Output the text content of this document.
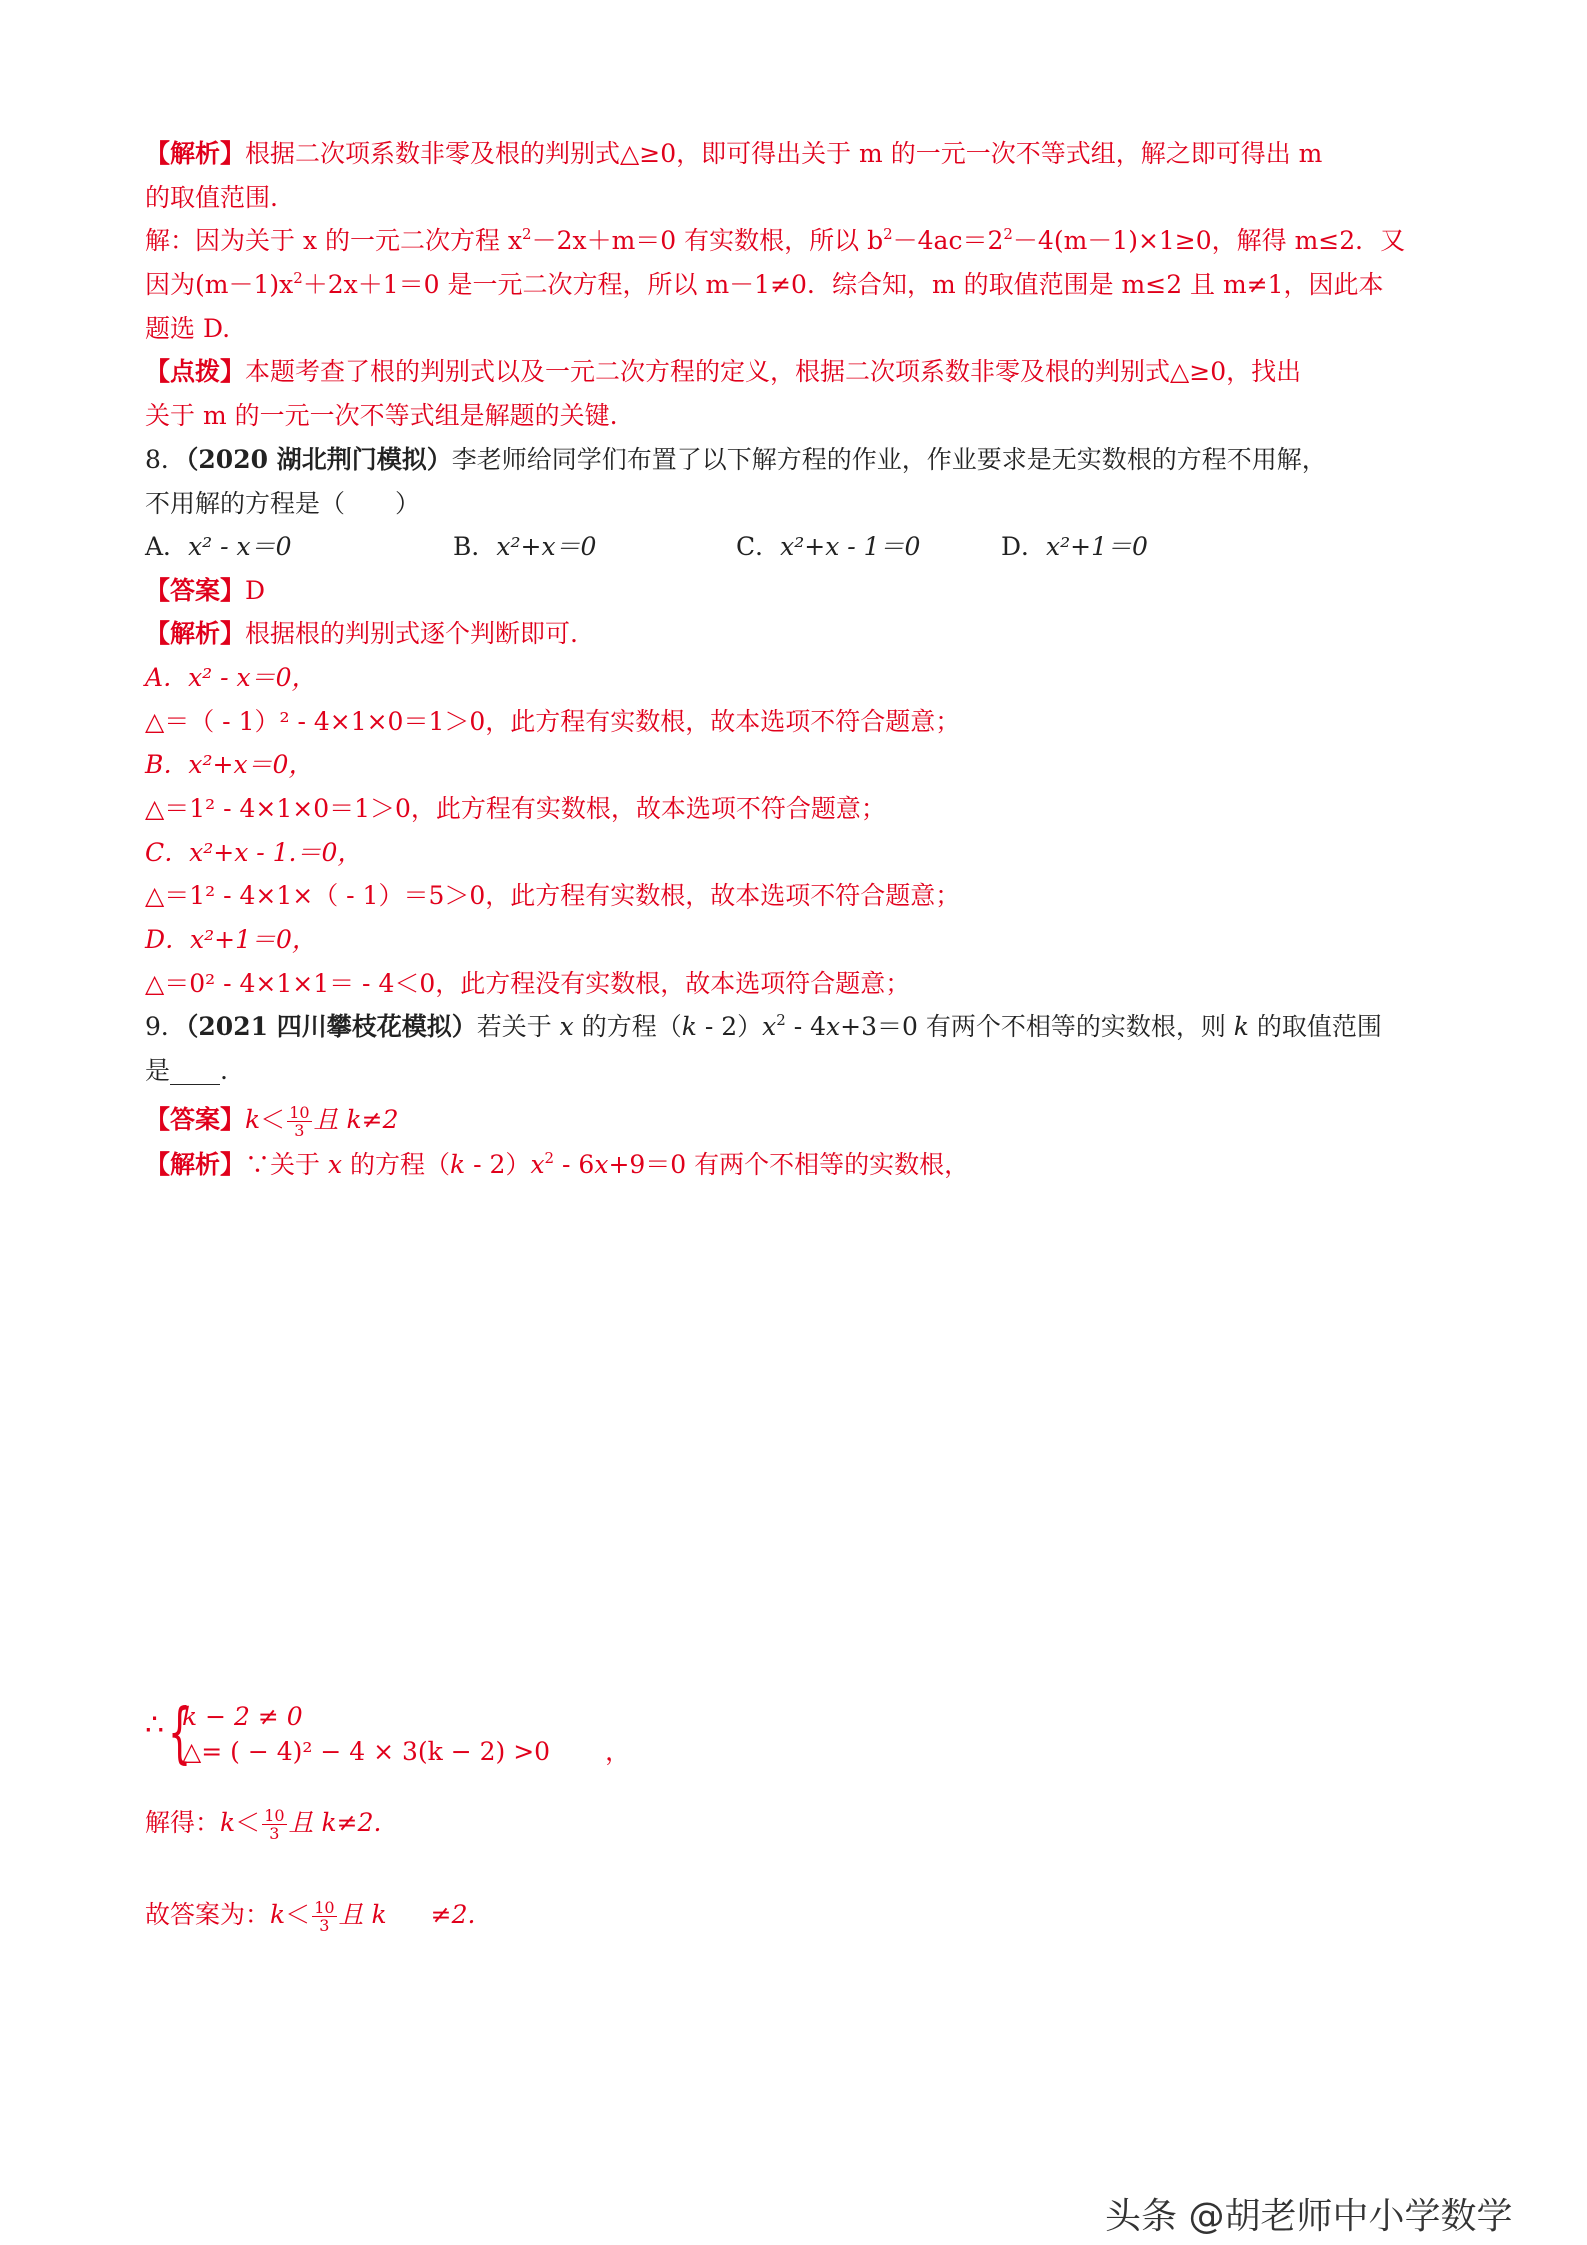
【解析】根据二次项系数非零及根的判别式△≥0，即可得出关于 m 的一元一次不等式组，解之即可得出 m
的取值范围.
解：因为关于 x 的一元二次方程 $x^2-2x+m=0$ 有实数根，所以 $b^2-4ac=2^2-4(m-1)\times 1\ge 0$，解得 m≤2．又
因为$(m-1)x^2+2x+1=0$ 是一元二次方程，所以 m－1≠0．综合知，m 的取值范围是 m≤2 且 m≠1，因此本
题选 D.
【点拨】本题考查了根的判别式以及一元二次方程的定义，根据二次项系数非零及根的判别式△≥0，找出
关于 m 的一元一次不等式组是解题的关键.
8．（2020 湖北荆门模拟）李老师给同学们布置了以下解方程的作业，作业要求是无实数根的方程不用解，
不用解的方程是（　　）
A．x² - x＝0	B．x²+x＝0	C．x²+x - 1＝0	D．x²+1＝0
【答案】D
【解析】根据根的判别式逐个判断即可.
A．x² - x＝0，
△＝（ - 1）² - 4×1×0＝1＞0，此方程有实数根，故本选项不符合题意；
B．x²+x＝0，
△＝1² - 4×1×0＝1＞0，此方程有实数根，故本选项不符合题意；
C．x²+x - 1.＝0，
△＝1² - 4×1×（ - 1）＝5＞0，此方程有实数根，故本选项不符合题意；
D．x²+1＝0，
△＝0² - 4×1×1＝ - 4＜0，此方程没有实数根，故本选项符合题意；
9．（2021 四川攀枝花模拟）若关于 x 的方程$(k - 2)x^2 - 4x+3=0$ 有两个不相等的实数根，则 k 的取值范围
是____.
【答案】$k< \frac{10}{3}$ 且 k≠2
【解析】∵关于 x 的方程$(k - 2)x^2 - 6x+9=0$ 有两个不相等的实数根，
∴ {
k − 2 ≠ 0
△= ( − 4)² − 4 × 3(k − 2) >0 ，
解得：$k< \frac{10}{3}$ 且 k≠2.
故答案为：$k< \frac{10}{3}$ 且 k ≠2.
头条 @胡老师中小学数学
